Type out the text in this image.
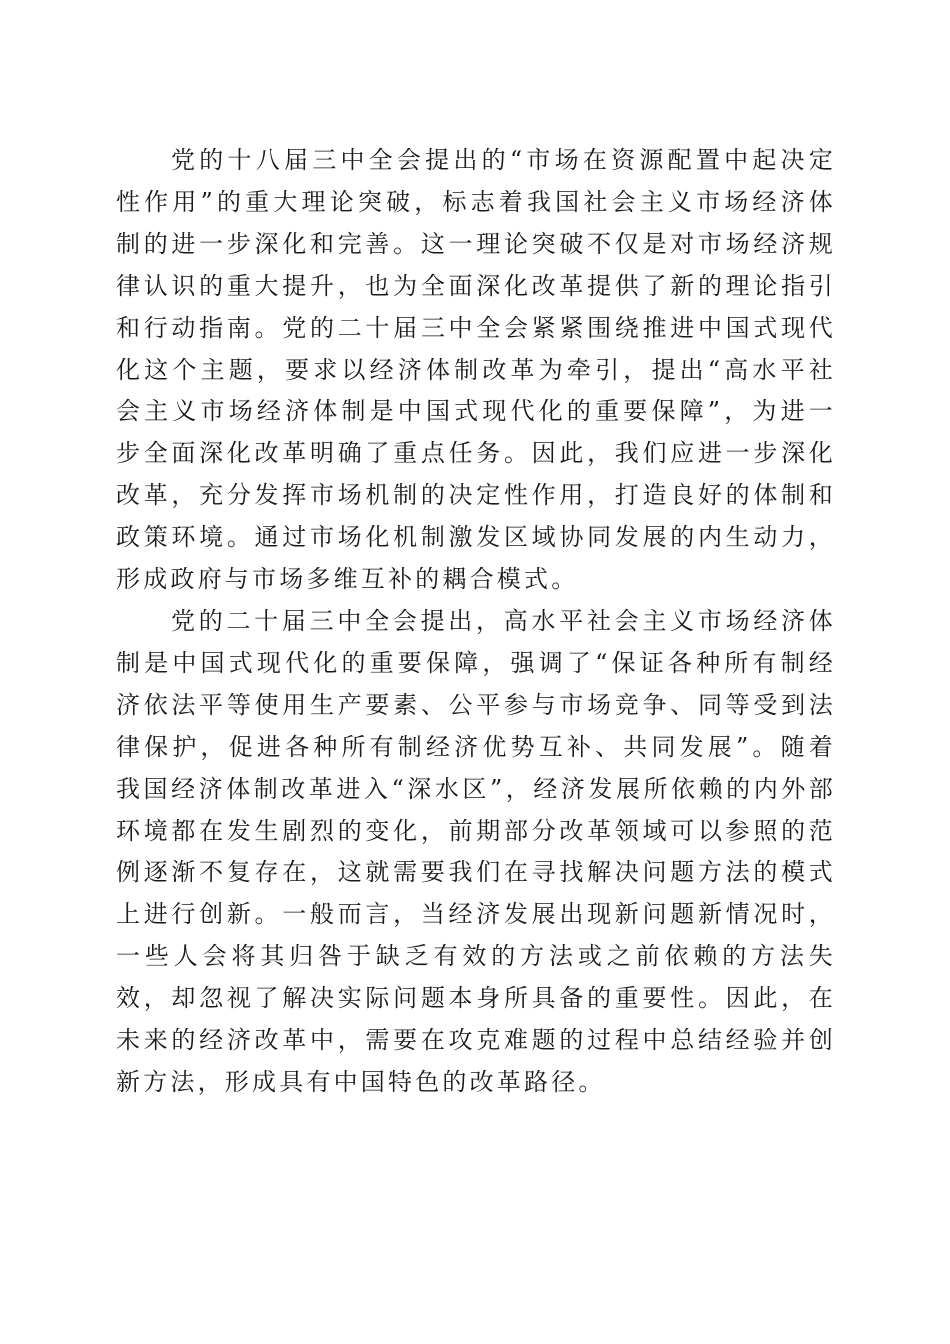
党的十八届三中全会提出的“市场在资源配置中起决定性作用”的重大理论突破，标志着我国社会主义市场经济体制的进一步深化和完善。这一理论突破不仅是对市场经济规律认识的重大提升，也为全面深化改革提供了新的理论指引和行动指南。党的二十届三中全会紧紧围绕推进中国式现代化这个主题，要求以经济体制改革为牵引，提出“高水平社会主义市场经济体制是中国式现代化的重要保障”，为进一步全面深化改革明确了重点任务。因此，我们应进一步深化改革，充分发挥市场机制的决定性作用，打造良好的体制和政策环境。通过市场化机制激发区域协同发展的内生动力，形成政府与市场多维互补的耦合模式。

党的二十届三中全会提出，高水平社会主义市场经济体制是中国式现代化的重要保障，强调了“保证各种所有制经济依法平等使用生产要素、公平参与市场竞争、同等受到法律保护，促进各种所有制经济优势互补、共同发展”。随着我国经济体制改革进入“深水区”，经济发展所依赖的内外部环境都在发生剧烈的变化，前期部分改革领域可以参照的范例逐渐不复存在，这就需要我们在寻找解决问题方法的模式上进行创新。一般而言，当经济发展出现新问题新情况时，一些人会将其归咎于缺乏有效的方法或之前依赖的方法失效，却忽视了解决实际问题本身所具备的重要性。因此，在未来的经济改革中，需要在攻克难题的过程中总结经验并创新方法，形成具有中国特色的改革路径。
